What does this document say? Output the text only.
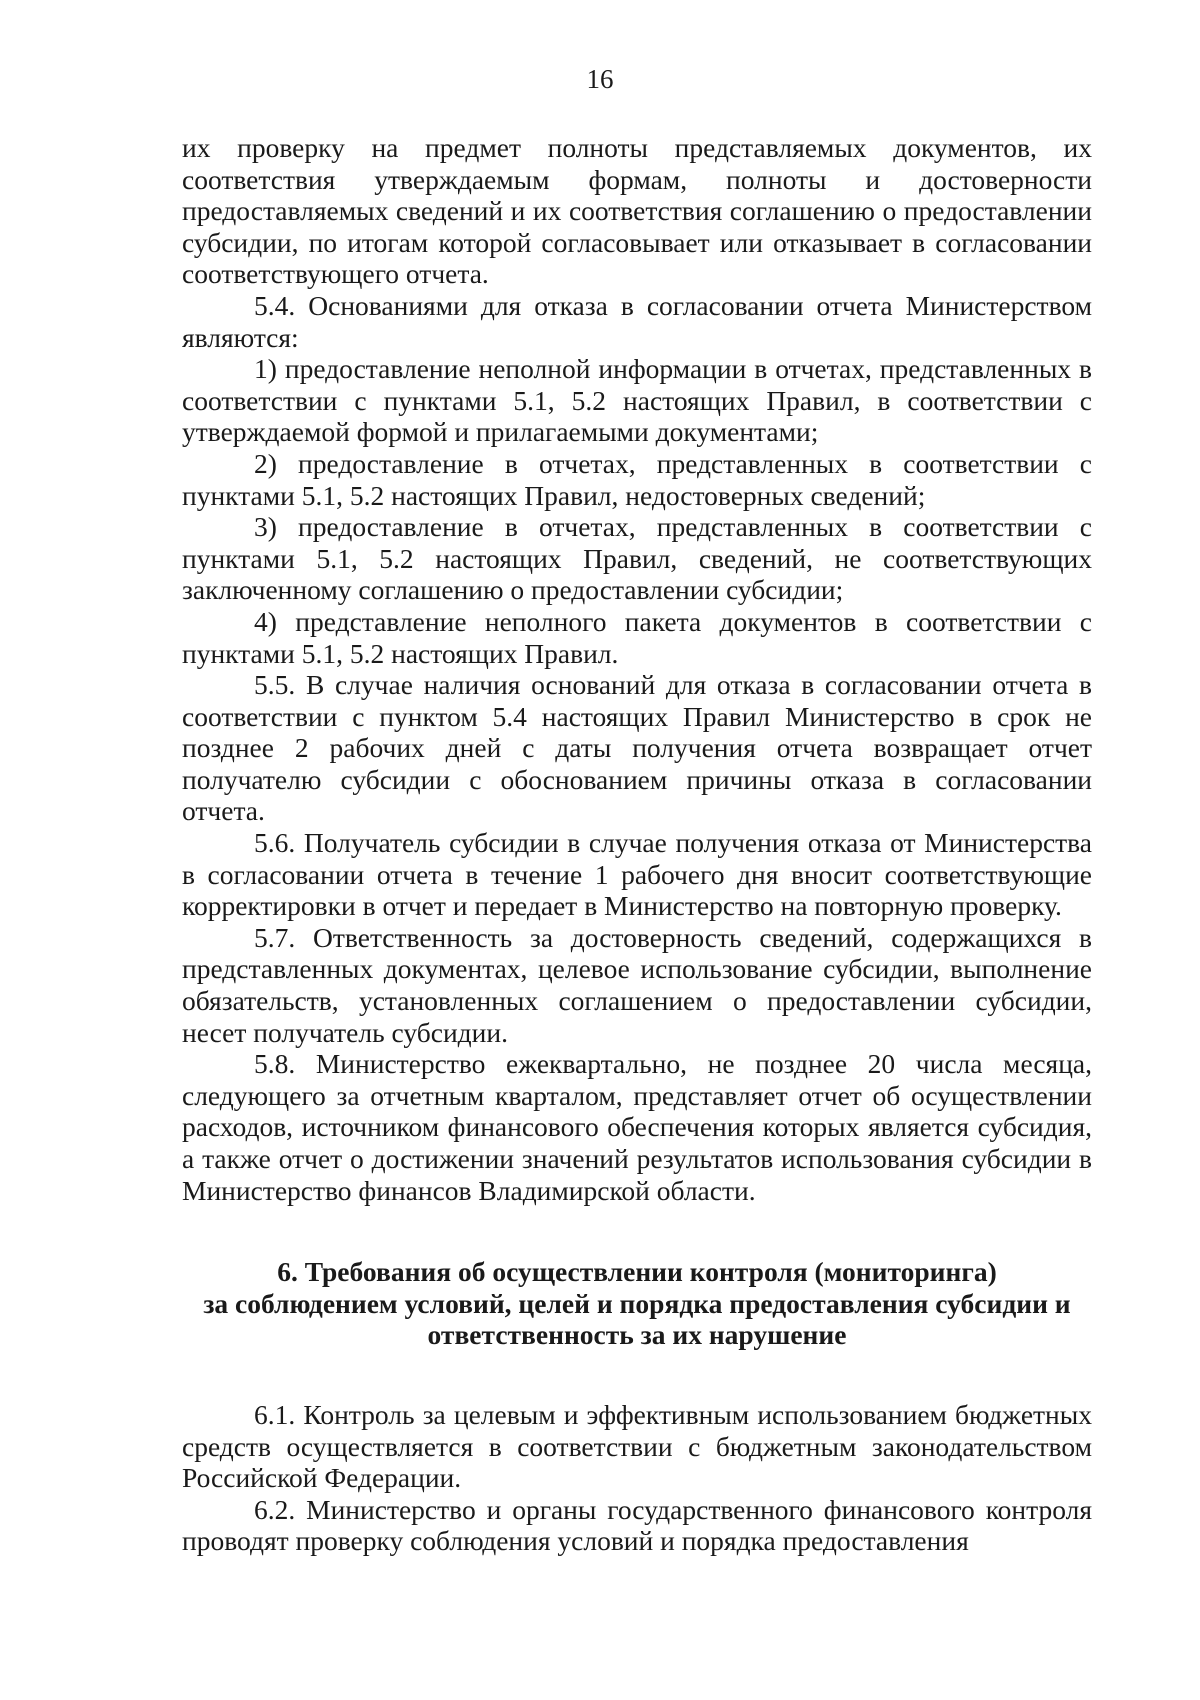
16

их проверку на предмет полноты представляемых документов, их соответствия утверждаемым формам, полноты и достоверности предоставляемых сведений и их соответствия соглашению о предоставлении субсидии, по итогам которой согласовывает или отказывает в согласовании соответствующего отчета.

5.4. Основаниями для отказа в согласовании отчета Министерством являются:

1) предоставление неполной информации в отчетах, представленных в соответствии с пунктами 5.1, 5.2 настоящих Правил, в соответствии с утверждаемой формой и прилагаемыми документами;

2) предоставление в отчетах, представленных в соответствии с пунктами 5.1, 5.2 настоящих Правил, недостоверных сведений;

3) предоставление в отчетах, представленных в соответствии с пунктами 5.1, 5.2 настоящих Правил, сведений, не соответствующих заключенному соглашению о предоставлении субсидии;

4) представление неполного пакета документов в соответствии с пунктами 5.1, 5.2 настоящих Правил.

5.5. В случае наличия оснований для отказа в согласовании отчета в соответствии с пунктом 5.4 настоящих Правил Министерство в срок не позднее 2 рабочих дней с даты получения отчета возвращает отчет получателю субсидии с обоснованием причины отказа в согласовании отчета.

5.6. Получатель субсидии в случае получения отказа от Министерства в согласовании отчета в течение 1 рабочего дня вносит соответствующие корректировки в отчет и передает в Министерство на повторную проверку.

5.7. Ответственность за достоверность сведений, содержащихся в представленных документах, целевое использование субсидии, выполнение обязательств, установленных соглашением о предоставлении субсидии, несет получатель субсидии.

5.8. Министерство ежеквартально, не позднее 20 числа месяца, следующего за отчетным кварталом, представляет отчет об осуществлении расходов, источником финансового обеспечения которых является субсидия, а также отчет о достижении значений результатов использования субсидии в Министерство финансов Владимирской области.

6. Требования об осуществлении контроля (мониторинга)
за соблюдением условий, целей и порядка предоставления субсидии и
ответственность за их нарушение

6.1. Контроль за целевым и эффективным использованием бюджетных средств осуществляется в соответствии с бюджетным законодательством Российской Федерации.

6.2. Министерство и органы государственного финансового контроля проводят проверку соблюдения условий и порядка предоставления
